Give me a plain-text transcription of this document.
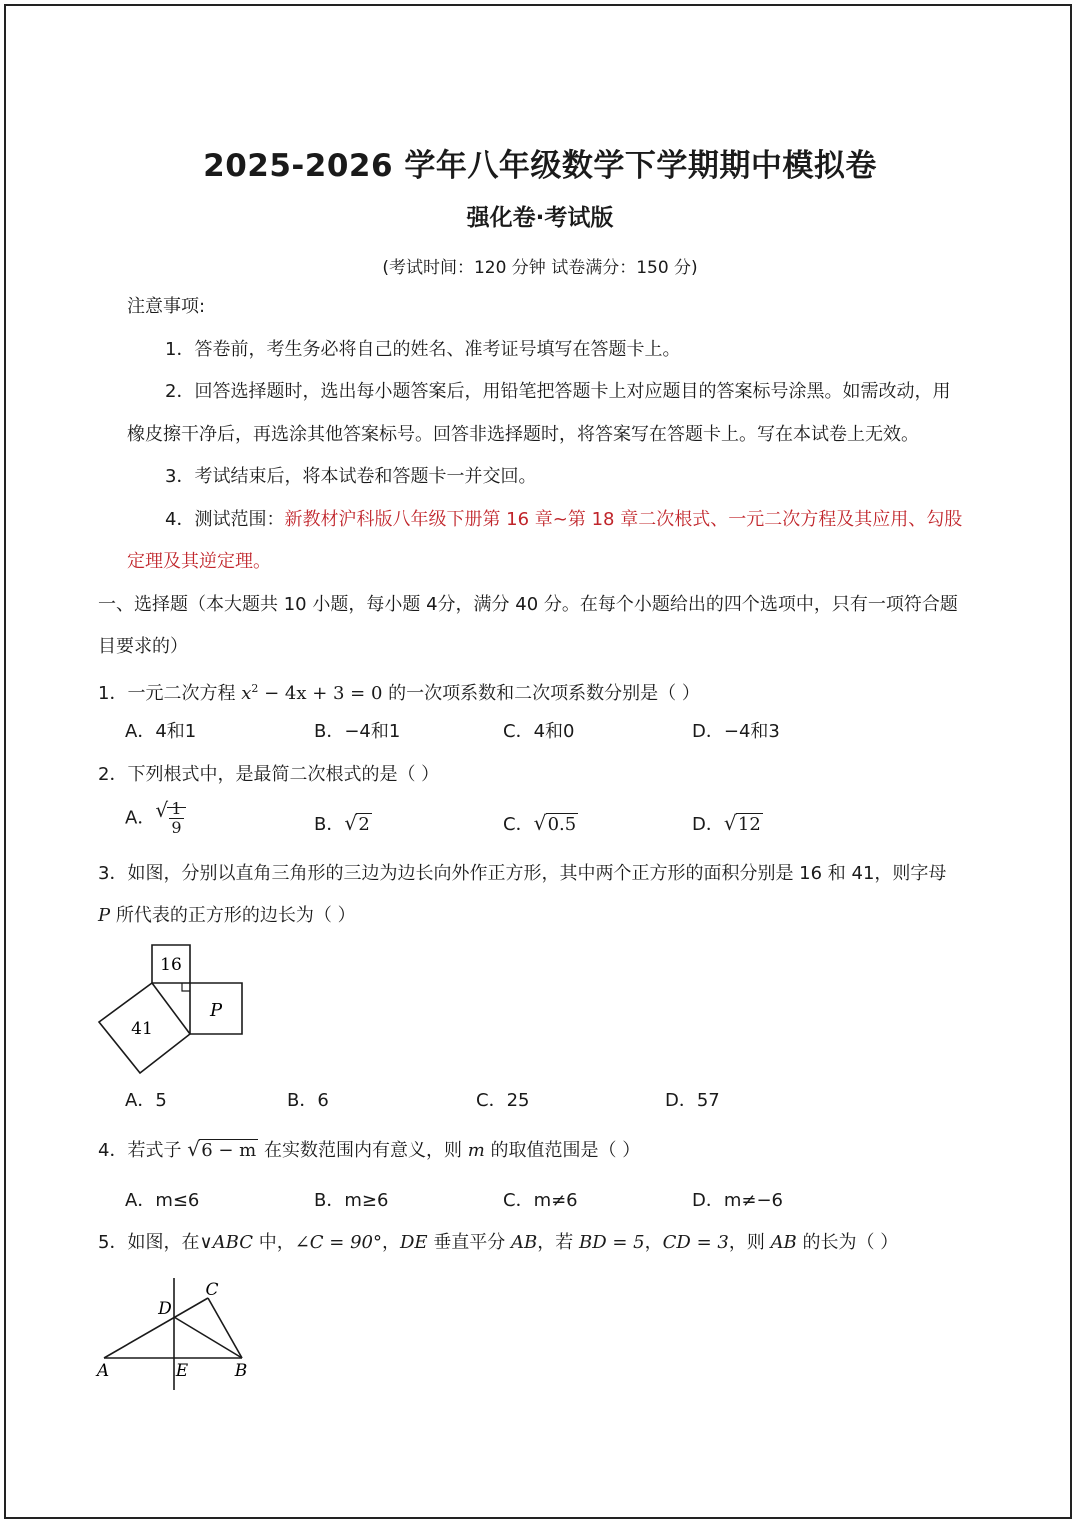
2025-2026 学年八年级数学下学期期中模拟卷
强化卷·考试版
(考试时间：120 分钟 试卷满分：150 分)
注意事项:
1．答卷前，考生务必将自己的姓名、准考证号填写在答题卡上。
2．回答选择题时，选出每小题答案后，用铅笔把答题卡上对应题目的答案标号涂黑。如需改动，用
橡皮擦干净后，再选涂其他答案标号。回答非选择题时，将答案写在答题卡上。写在本试卷上无效。
3．考试结束后，将本试卷和答题卡一并交回。
4．测试范围：新教材沪科版八年级下册第 16 章~第 18 章二次根式、一元二次方程及其应用、勾股
定理及其逆定理。
一、选择题（本大题共 10 小题，每小题 4分，满分 40 分。在每个小题给出的四个选项中，只有一项符合题
目要求的）
1．一元二次方程 $x^2 - 4x + 3 = 0$ 的一次项系数和二次项系数分别是（ ）
A．4和1	B．−4和1	C．4和0	D．−4和3
2．下列根式中，是最简二次根式的是（ ）
A． √ $\frac{1}{9}$	B． √ 2	C． √ 0.5	D． √ 12
3．如图，分别以直角三角形的三边为边长向外作正方形，其中两个正方形的面积分别是 16 和 41，则字母
P 所代表的正方形的边长为（ ）
16
P
41
A．5	B．6	C．25	D．57
4．若式子 √ 6 − m 在实数范围内有意义，则 m 的取值范围是（ ）
A．m≤6	B．m≥6	C．m≠6	D．m≠−6
5．如图，在∨ABC 中，∠C = 90°，DE 垂直平分 AB，若 BD = 5，CD = 3，则 AB 的长为（ ）
A	B
C
D
E
